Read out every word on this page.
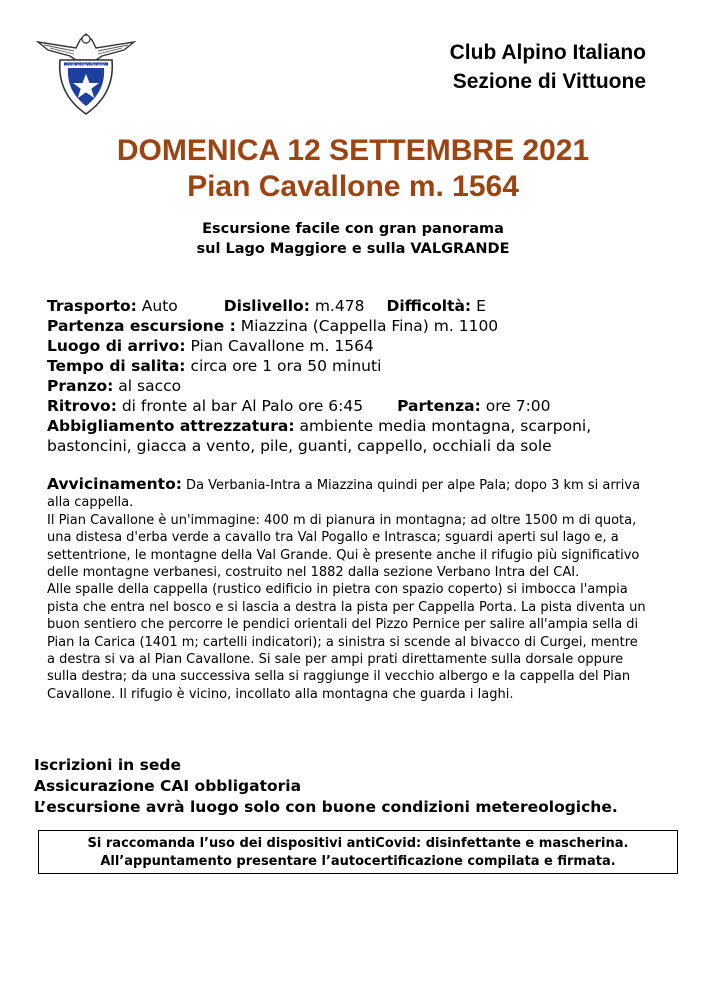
CLUB ALPINO ITALIANO
Club Alpino Italiano
Sezione di Vittuone
DOMENICA 12 SETTEMBRE 2021
Pian Cavallone m. 1564
Escursione facile con gran panorama
sul Lago Maggiore e sulla VALGRANDE
Trasporto: Auto	Dislivello: m.478 Difficoltà: E
Partenza escursione : Miazzina (Cappella Fina) m. 1100
Luogo di arrivo: Pian Cavallone m. 1564
Tempo di salita: circa ore 1 ora 50 minuti
Pranzo: al sacco
Ritrovo: di fronte al bar Al Palo ore 6:45 Partenza: ore 7:00
Abbigliamento attrezzatura: ambiente media montagna, scarponi, bastoncini, giacca a vento, pile, guanti, cappello, occhiali da sole
Avvicinamento: Da Verbania-Intra a Miazzina quindi per alpe Pala; dopo 3 km si arriva alla cappella.
Il Pian Cavallone è un'immagine: 400 m di pianura in montagna; ad oltre 1500 m di quota, una distesa d'erba verde a cavallo tra Val Pogallo e Intrasca; sguardi aperti sul lago e, a settentrione, le montagne della Val Grande. Qui è presente anche il rifugio più significativo delle montagne verbanesi, costruito nel 1882 dalla sezione Verbano Intra del CAI.
Alle spalle della cappella (rustico edificio in pietra con spazio coperto) si imbocca l'ampia pista che entra nel bosco e si lascia a destra la pista per Cappella Porta. La pista diventa un buon sentiero che percorre le pendici orientali del Pizzo Pernice per salire all'ampia sella di Pian la Carica (1401 m; cartelli indicatori); a sinistra si scende al bivacco di Curgei, mentre a destra si va al Pian Cavallone. Si sale per ampi prati direttamente sulla dorsale oppure sulla destra; da una successiva sella si raggiunge il vecchio albergo e la cappella del Pian Cavallone. Il rifugio è vicino, incollato alla montagna che guarda i laghi.
Iscrizioni in sede
Assicurazione CAI obbligatoria
L’escursione avrà luogo solo con buone condizioni metereologiche.
Si raccomanda l’uso dei dispositivi antiCovid: disinfettante e mascherina.
All’appuntamento presentare l’autocertificazione compilata e firmata.
